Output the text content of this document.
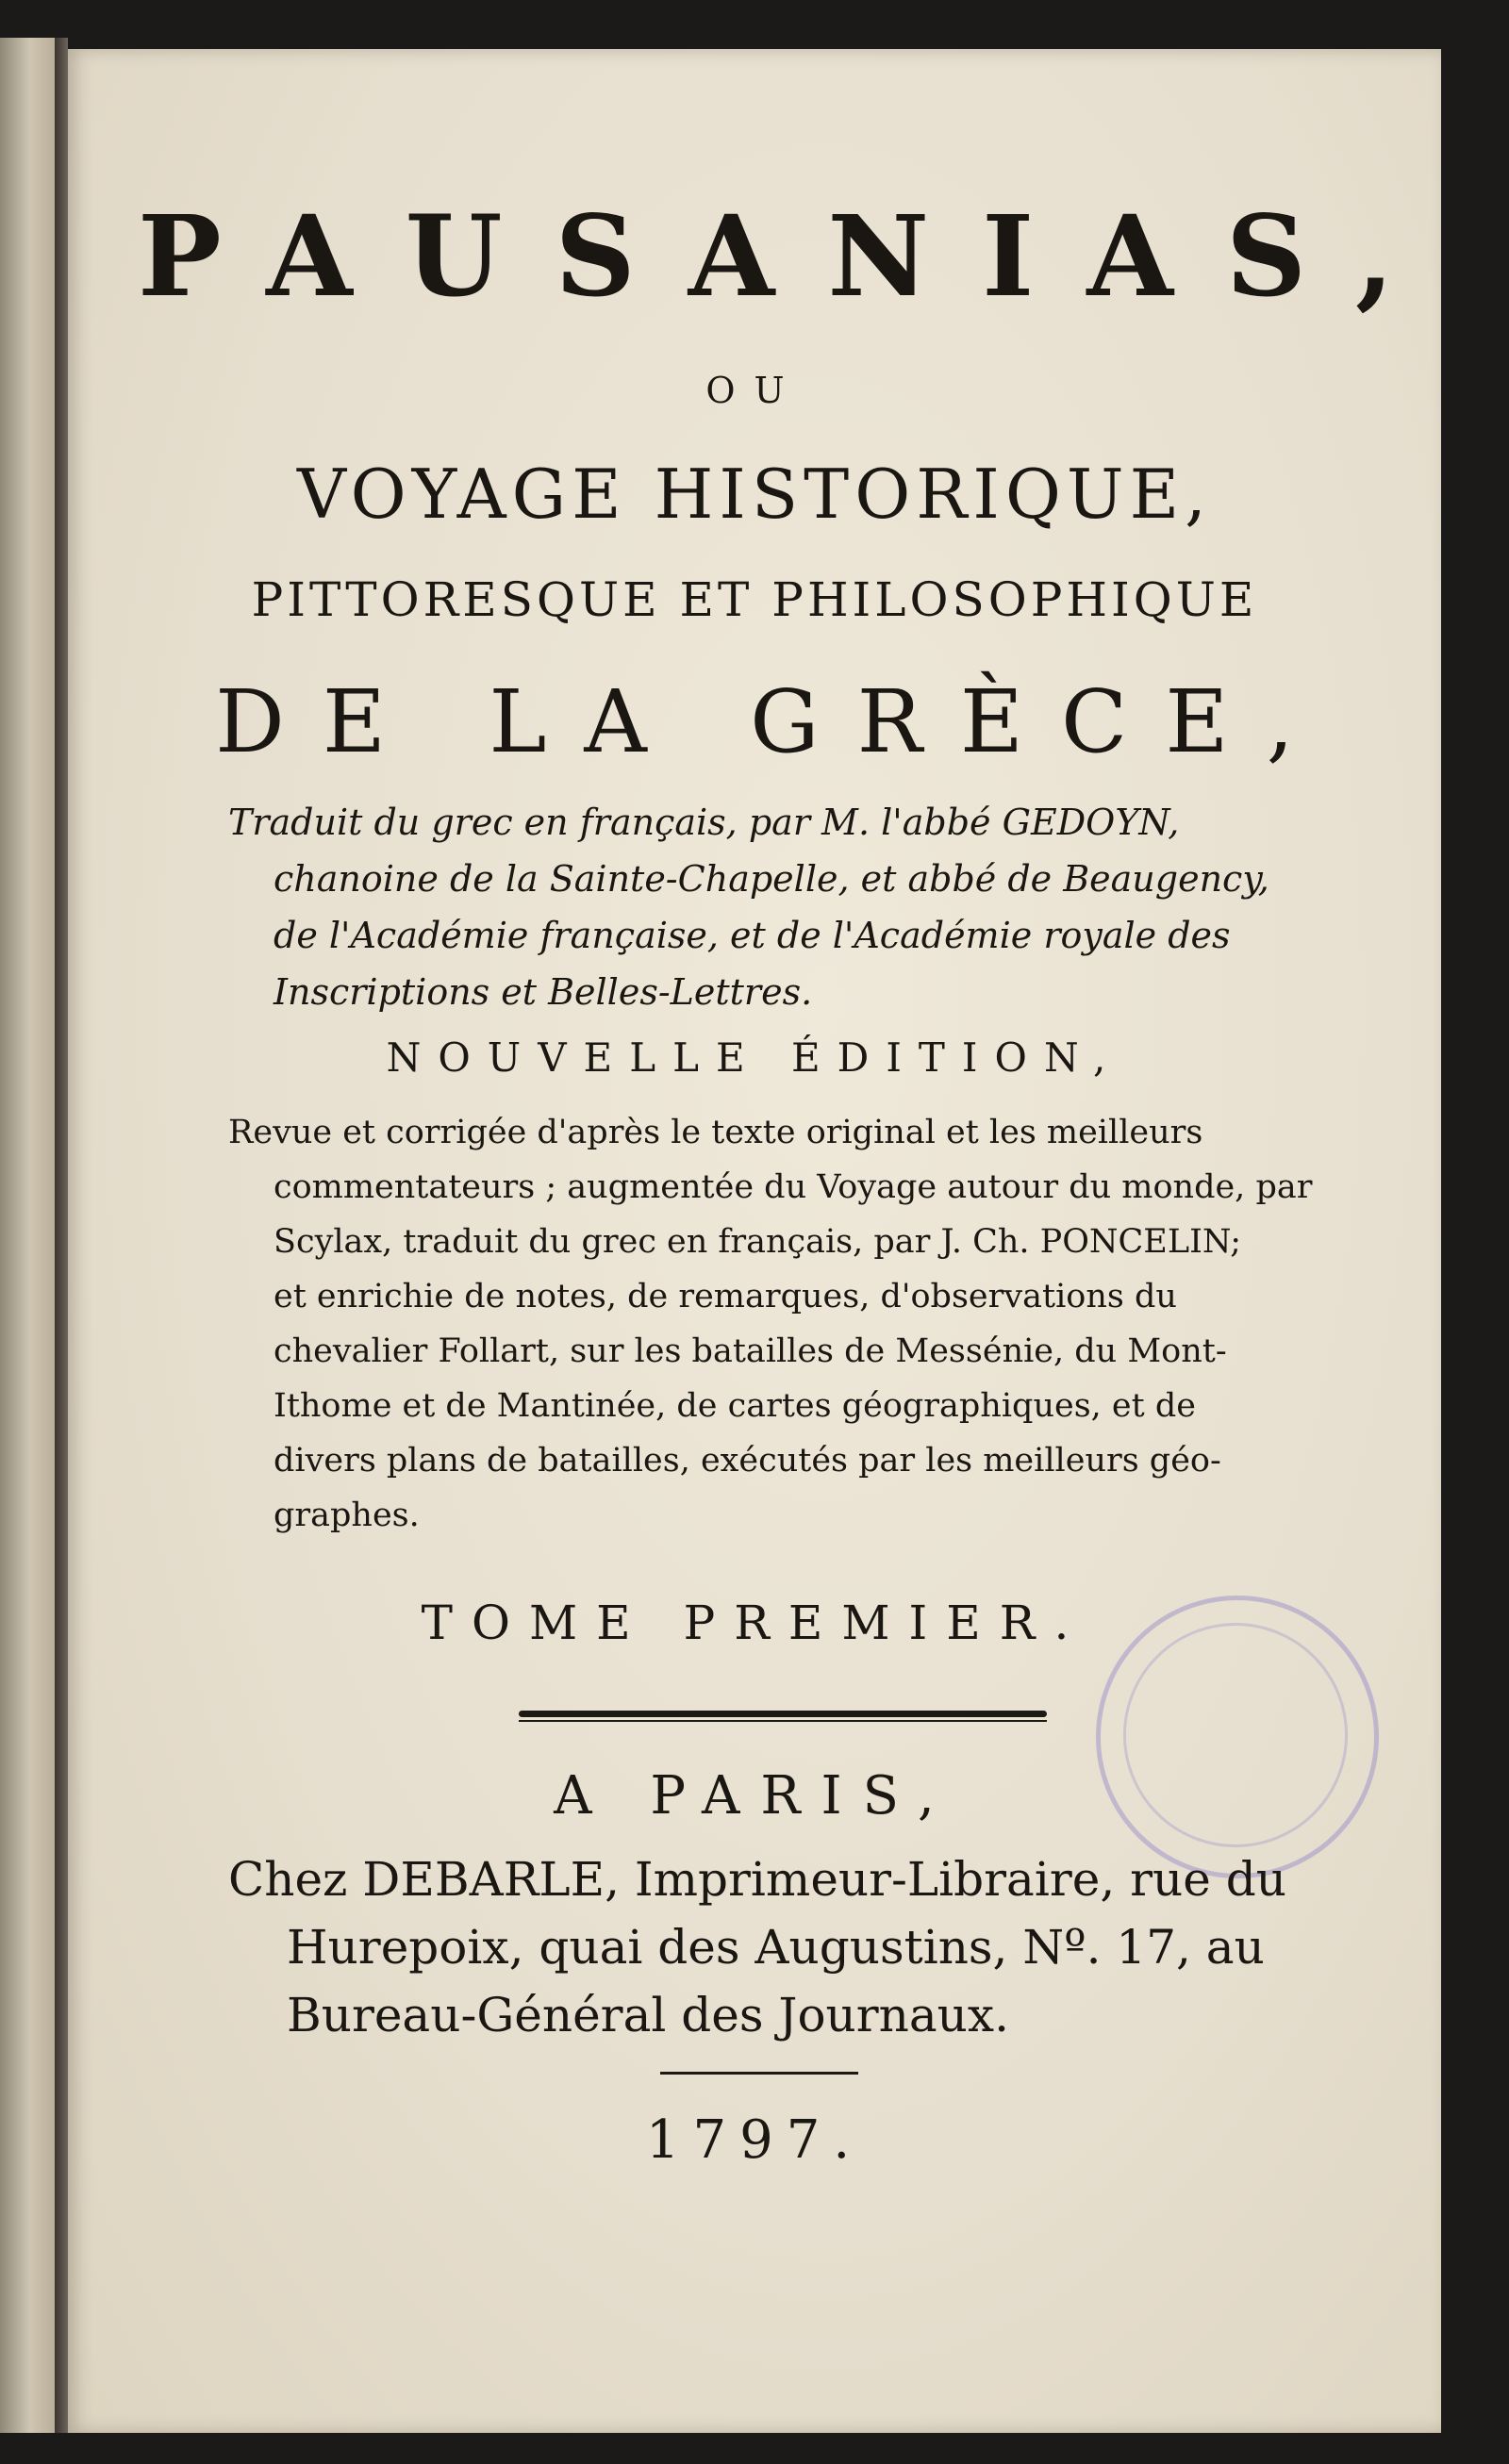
PAUSANIAS,
OU
VOYAGE HISTORIQUE,
PITTORESQUE ET PHILOSOPHIQUE
DE LA GRÈCE,

Traduit du grec en français, par M. l'abbé GEDOYN,

chanoine de la Sainte-Chapelle, et abbé de Beaugency,

de l'Académie française, et de l'Académie royale des

Inscriptions et Belles-Lettres.

NOUVELLE ÉDITION,

Revue et corrigée d'après le texte original et les meilleurs

commentateurs ; augmentée du Voyage autour du monde, par

Scylax, traduit du grec en français, par J. Ch. PONCELIN;

et enrichie de notes, de remarques, d'observations du

chevalier Follart, sur les batailles de Messénie, du Mont-

Ithome et de Mantinée, de cartes géographiques, et de

divers plans de batailles, exécutés par les meilleurs géo-

graphes.

TOME PREMIER.
A PARIS,

Chez DEBARLE, Imprimeur-Libraire, rue du

Hurepoix, quai des Augustins, Nº. 17, au

Bureau-Général des Journaux.

1797.
